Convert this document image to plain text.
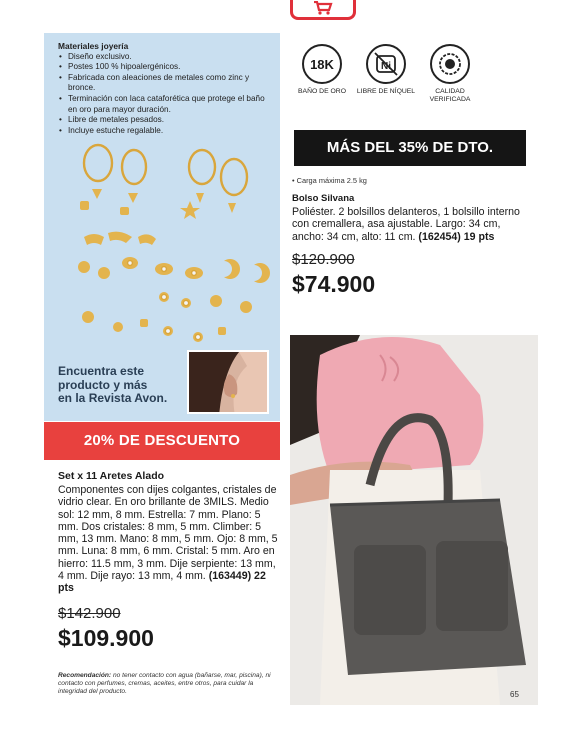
Materiales joyería
• Diseño exclusivo.
• Postes 100 % hipoalergénicos.
• Fabricada con aleaciones de metales como zinc y bronce.
• Terminación con laca cataforética que protege el baño en oro para mayor duración.
• Libre de metales pesados.
• Incluye estuche regalable.
Encuentra este
producto y más
en la Revista Avon.
20% DE DESCUENTO
Set x 11 Aretes Alado
Componentes con dijes colgantes, cristales de vidrio clear. En oro brillante de 3MILS. Medio sol: 12 mm, 8 mm. Estrella: 7 mm. Plano: 5 mm. Dos cristales: 8 mm, 5 mm. Climber: 5 mm, 13 mm. Mano: 8 mm, 5 mm. Ojo: 8 mm, 5 mm. Luna: 8 mm, 6 mm. Cristal: 5 mm. Aro en hierro: 11.5 mm, 3 mm. Dije serpiente: 13 mm, 4 mm. Dije rayo: 13 mm, 4 mm. (163449) 22 pts
$142.900
$109.900
Recomendación: no tener contacto con agua (bañarse, mar, piscina), ni contacto con perfumes, cremas, aceites, entre otros, para cuidar la integridad del producto.
18K
BAÑO DE ORO
Ni
LIBRE DE NÍQUEL	CALIDAD VERIFICADA
MÁS DEL 35% DE DTO.
• Carga máxima 2.5 kg
Bolso Silvana
Poliéster. 2 bolsillos delanteros, 1 bolsillo interno con cremallera, asa ajustable. Largo: 34 cm, ancho: 34 cm, alto: 11 cm. (162454) 19 pts
$120.900
$74.900
65
